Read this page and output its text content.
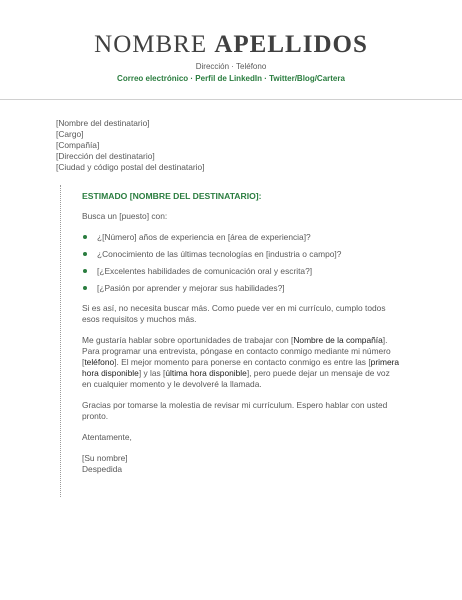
NOMBRE APELLIDOS
Dirección · Teléfono
Correo electrónico · Perfil de LinkedIn · Twitter/Blog/Cartera
[Nombre del destinatario]
[Cargo]
[Compañía]
[Dirección del destinatario]
[Ciudad y código postal del destinatario]
ESTIMADO [NOMBRE DEL DESTINATARIO]:
Busca un [puesto] con:
¿[Número] años de experiencia en [área de experiencia]?
¿Conocimiento de las últimas tecnologías en [industria o campo]?
[¿Excelentes habilidades de comunicación oral y escrita?]
[¿Pasión por aprender y mejorar sus habilidades?]
Si es así, no necesita buscar más. Como puede ver en mi currículo, cumplo todos esos requisitos y muchos más.
Me gustaría hablar sobre oportunidades de trabajar con [Nombre de la compañía]. Para programar una entrevista, póngase en contacto conmigo mediante mi número [teléfono]. El mejor momento para ponerse en contacto conmigo es entre las [primera hora disponible] y las [última hora disponible], pero puede dejar un mensaje de voz en cualquier momento y le devolveré la llamada.
Gracias por tomarse la molestia de revisar mi currículum. Espero hablar con usted pronto.
Atentamente,
[Su nombre]
Despedida
